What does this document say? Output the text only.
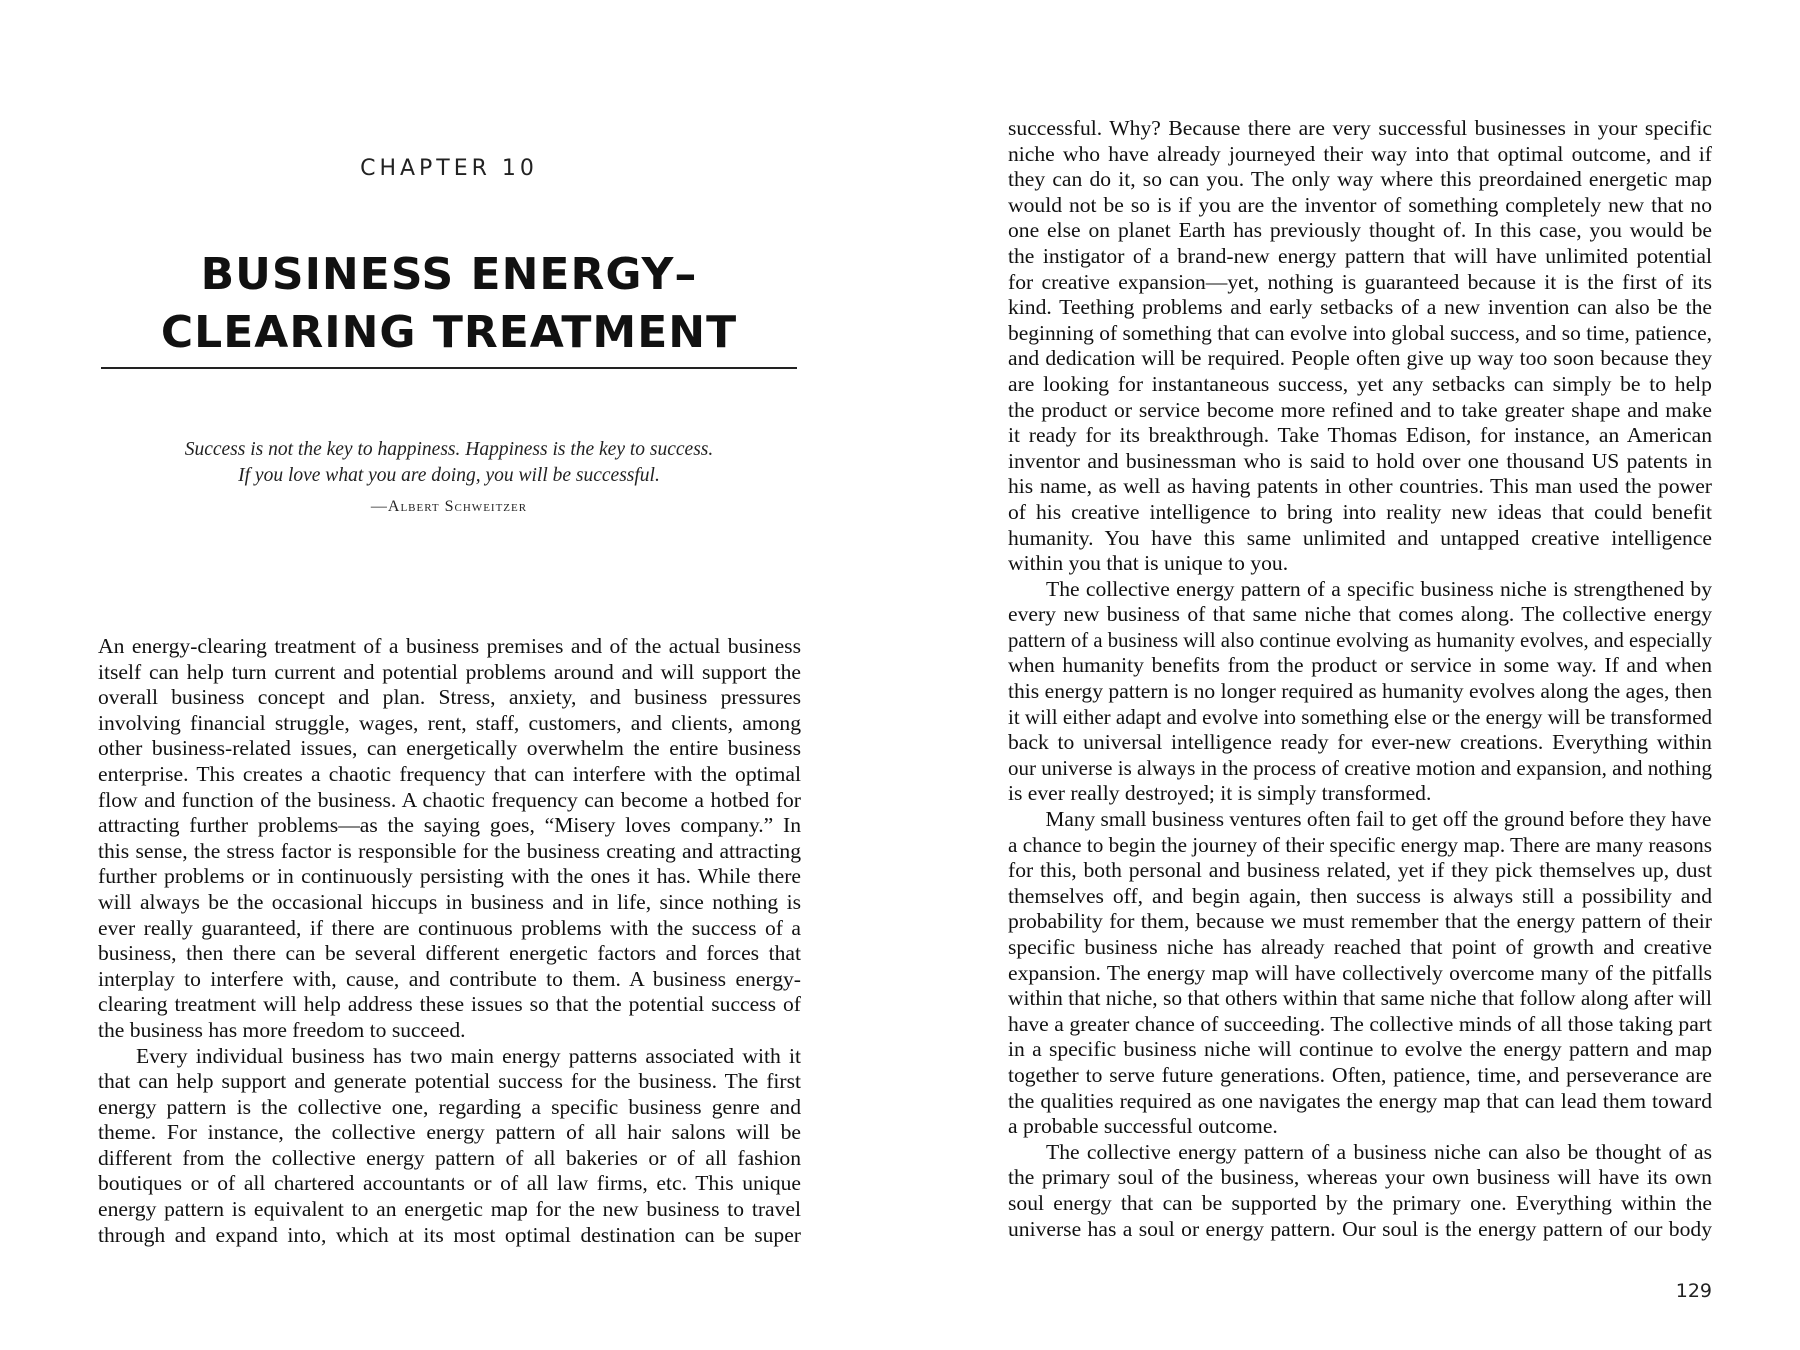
CHAPTER 10
BUSINESS ENERGY–
CLEARING TREATMENT
Success is not the key to happiness. Happiness is the key to success.
If you love what you are doing, you will be successful.
—Albert Schweitzer
An energy-clearing treatment of a business premises and of the actual business
itself can help turn current and potential problems around and will support the
overall business concept and plan. Stress, anxiety, and business pressures
involving financial struggle, wages, rent, staff, customers, and clients, among
other business-related issues, can energetically overwhelm the entire business
enterprise. This creates a chaotic frequency that can interfere with the optimal
flow and function of the business. A chaotic frequency can become a hotbed for
attracting further problems—as the saying goes, “Misery loves company.” In
this sense, the stress factor is responsible for the business creating and attracting
further problems or in continuously persisting with the ones it has. While there
will always be the occasional hiccups in business and in life, since nothing is
ever really guaranteed, if there are continuous problems with the success of a
business, then there can be several different energetic factors and forces that
interplay to interfere with, cause, and contribute to them. A business energy-
clearing treatment will help address these issues so that the potential success of
the business has more freedom to succeed.
Every individual business has two main energy patterns associated with it
that can help support and generate potential success for the business. The first
energy pattern is the collective one, regarding a specific business genre and
theme. For instance, the collective energy pattern of all hair salons will be
different from the collective energy pattern of all bakeries or of all fashion
boutiques or of all chartered accountants or of all law firms, etc. This unique
energy pattern is equivalent to an energetic map for the new business to travel
through and expand into, which at its most optimal destination can be super
successful. Why? Because there are very successful businesses in your specific
niche who have already journeyed their way into that optimal outcome, and if
they can do it, so can you. The only way where this preordained energetic map
would not be so is if you are the inventor of something completely new that no
one else on planet Earth has previously thought of. In this case, you would be
the instigator of a brand-new energy pattern that will have unlimited potential
for creative expansion—yet, nothing is guaranteed because it is the first of its
kind. Teething problems and early setbacks of a new invention can also be the
beginning of something that can evolve into global success, and so time, patience,
and dedication will be required. People often give up way too soon because they
are looking for instantaneous success, yet any setbacks can simply be to help
the product or service become more refined and to take greater shape and make
it ready for its breakthrough. Take Thomas Edison, for instance, an American
inventor and businessman who is said to hold over one thousand US patents in
his name, as well as having patents in other countries. This man used the power
of his creative intelligence to bring into reality new ideas that could benefit
humanity. You have this same unlimited and untapped creative intelligence
within you that is unique to you.
The collective energy pattern of a specific business niche is strengthened by
every new business of that same niche that comes along. The collective energy
pattern of a business will also continue evolving as humanity evolves, and especially
when humanity benefits from the product or service in some way. If and when
this energy pattern is no longer required as humanity evolves along the ages, then
it will either adapt and evolve into something else or the energy will be transformed
back to universal intelligence ready for ever-new creations. Everything within
our universe is always in the process of creative motion and expansion, and nothing
is ever really destroyed; it is simply transformed.
Many small business ventures often fail to get off the ground before they have
a chance to begin the journey of their specific energy map. There are many reasons
for this, both personal and business related, yet if they pick themselves up, dust
themselves off, and begin again, then success is always still a possibility and
probability for them, because we must remember that the energy pattern of their
specific business niche has already reached that point of growth and creative
expansion. The energy map will have collectively overcome many of the pitfalls
within that niche, so that others within that same niche that follow along after will
have a greater chance of succeeding. The collective minds of all those taking part
in a specific business niche will continue to evolve the energy pattern and map
together to serve future generations. Often, patience, time, and perseverance are
the qualities required as one navigates the energy map that can lead them toward
a probable successful outcome.
The collective energy pattern of a business niche can also be thought of as
the primary soul of the business, whereas your own business will have its own
soul energy that can be supported by the primary one. Everything within the
universe has a soul or energy pattern. Our soul is the energy pattern of our body
129
